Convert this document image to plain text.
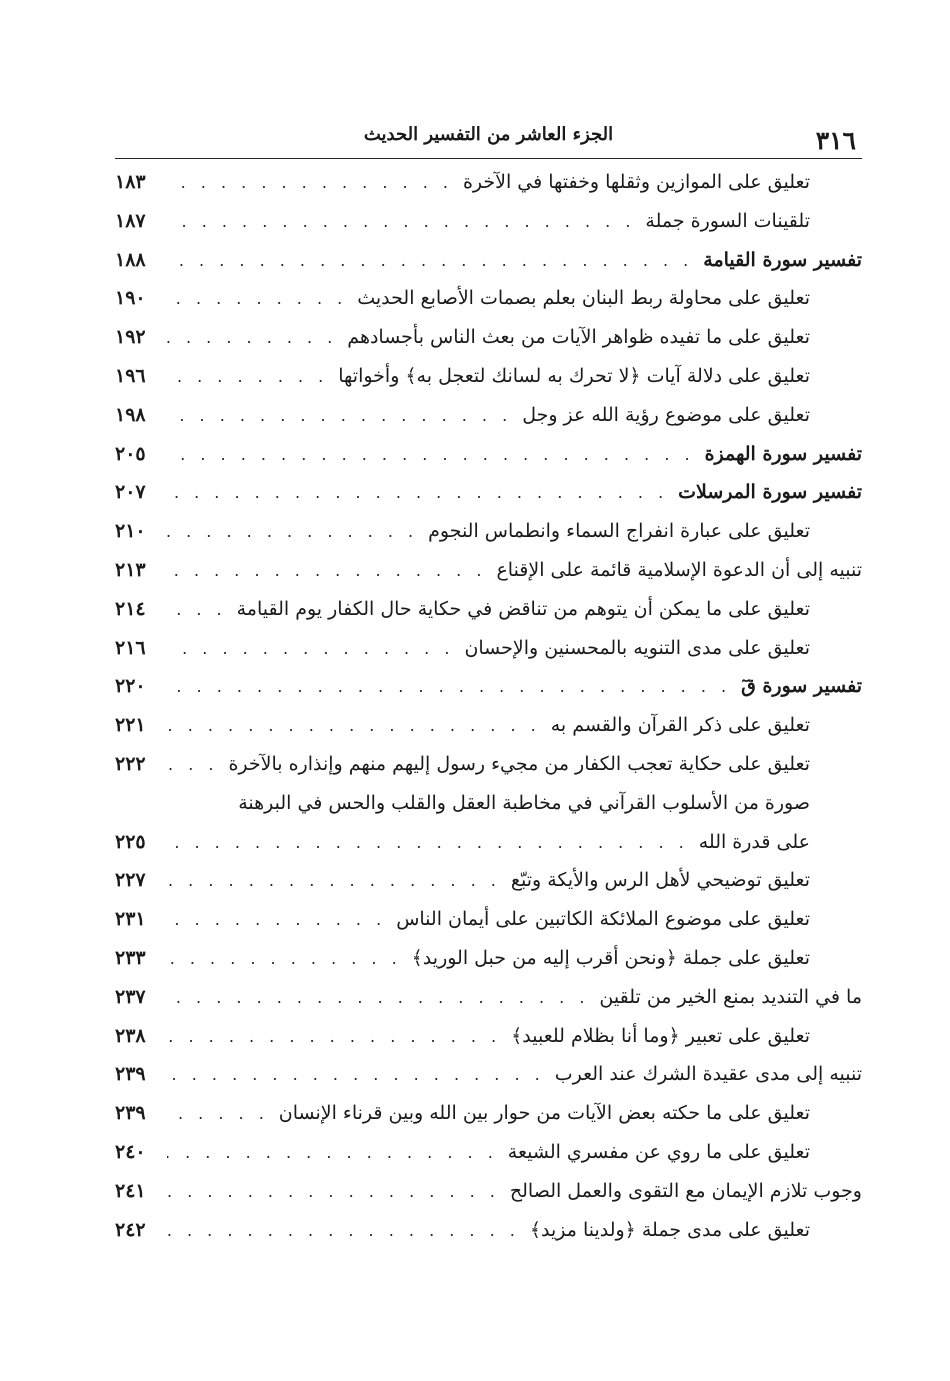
٣١٦
الجزء العاشر من التفسير الحديث
تعليق على الموازين وثقلها وخفتها في الآخرة
. . .
١٨٣
تلقينات السورة جملة
. . .
١٨٧
تفسير سورة القيامة
. . .
١٨٨
تعليق على محاولة ربط البنان بعلم بصمات الأصابع الحديث
. . .
١٩٠
تعليق على ما تفيده ظواهر الآيات من بعث الناس بأجسادهم
. . .
١٩٢
تعليق على دلالة آيات ﴿لا تحرك به لسانك لتعجل به﴾ وأخواتها
. . .
١٩٦
تعليق على موضوع رؤية الله عز وجل
. . .
١٩٨
تفسير سورة الهمزة
. . .
٢٠٥
تفسير سورة المرسلات
. . .
٢٠٧
تعليق على عبارة انفراج السماء وانطماس النجوم
. . .
٢١٠
تنبيه إلى أن الدعوة الإسلامية قائمة على الإقناع
. . .
٢١٣
تعليق على ما يمكن أن يتوهم من تناقض في حكاية حال الكفار يوم القيامة
. . .
٢١٤
تعليق على مدى التنويه بالمحسنين والإحسان
. . .
٢١٦
تفسير سورة قٓ
. . .
٢٢٠
تعليق على ذكر القرآن والقسم به
. . .
٢٢١
تعليق على حكاية تعجب الكفار من مجيء رسول إليهم منهم وإنذاره بالآخرة
. . .
٢٢٢
صورة من الأسلوب القرآني في مخاطبة العقل والقلب والحس في البرهنة
على قدرة الله
. . .
٢٢٥
تعليق توضيحي لأهل الرس والأيكة وتبّع
. . .
٢٢٧
تعليق على موضوع الملائكة الكاتبين على أيمان الناس
. . .
٢٣١
تعليق على جملة ﴿ونحن أقرب إليه من حبل الوريد﴾
. . .
٢٣٣
ما في التنديد بمنع الخير من تلقين
. . .
٢٣٧
تعليق على تعبير ﴿وما أنا بظلام للعبيد﴾
. . .
٢٣٨
تنبيه إلى مدى عقيدة الشرك عند العرب
. . .
٢٣٩
تعليق على ما حكته بعض الآيات من حوار بين الله وبين قرناء الإنسان
. . .
٢٣٩
تعليق على ما روي عن مفسري الشيعة
. . .
٢٤٠
وجوب تلازم الإيمان مع التقوى والعمل الصالح
. . .
٢٤١
تعليق على مدى جملة ﴿ولدينا مزيد﴾
. . .
٢٤٢
